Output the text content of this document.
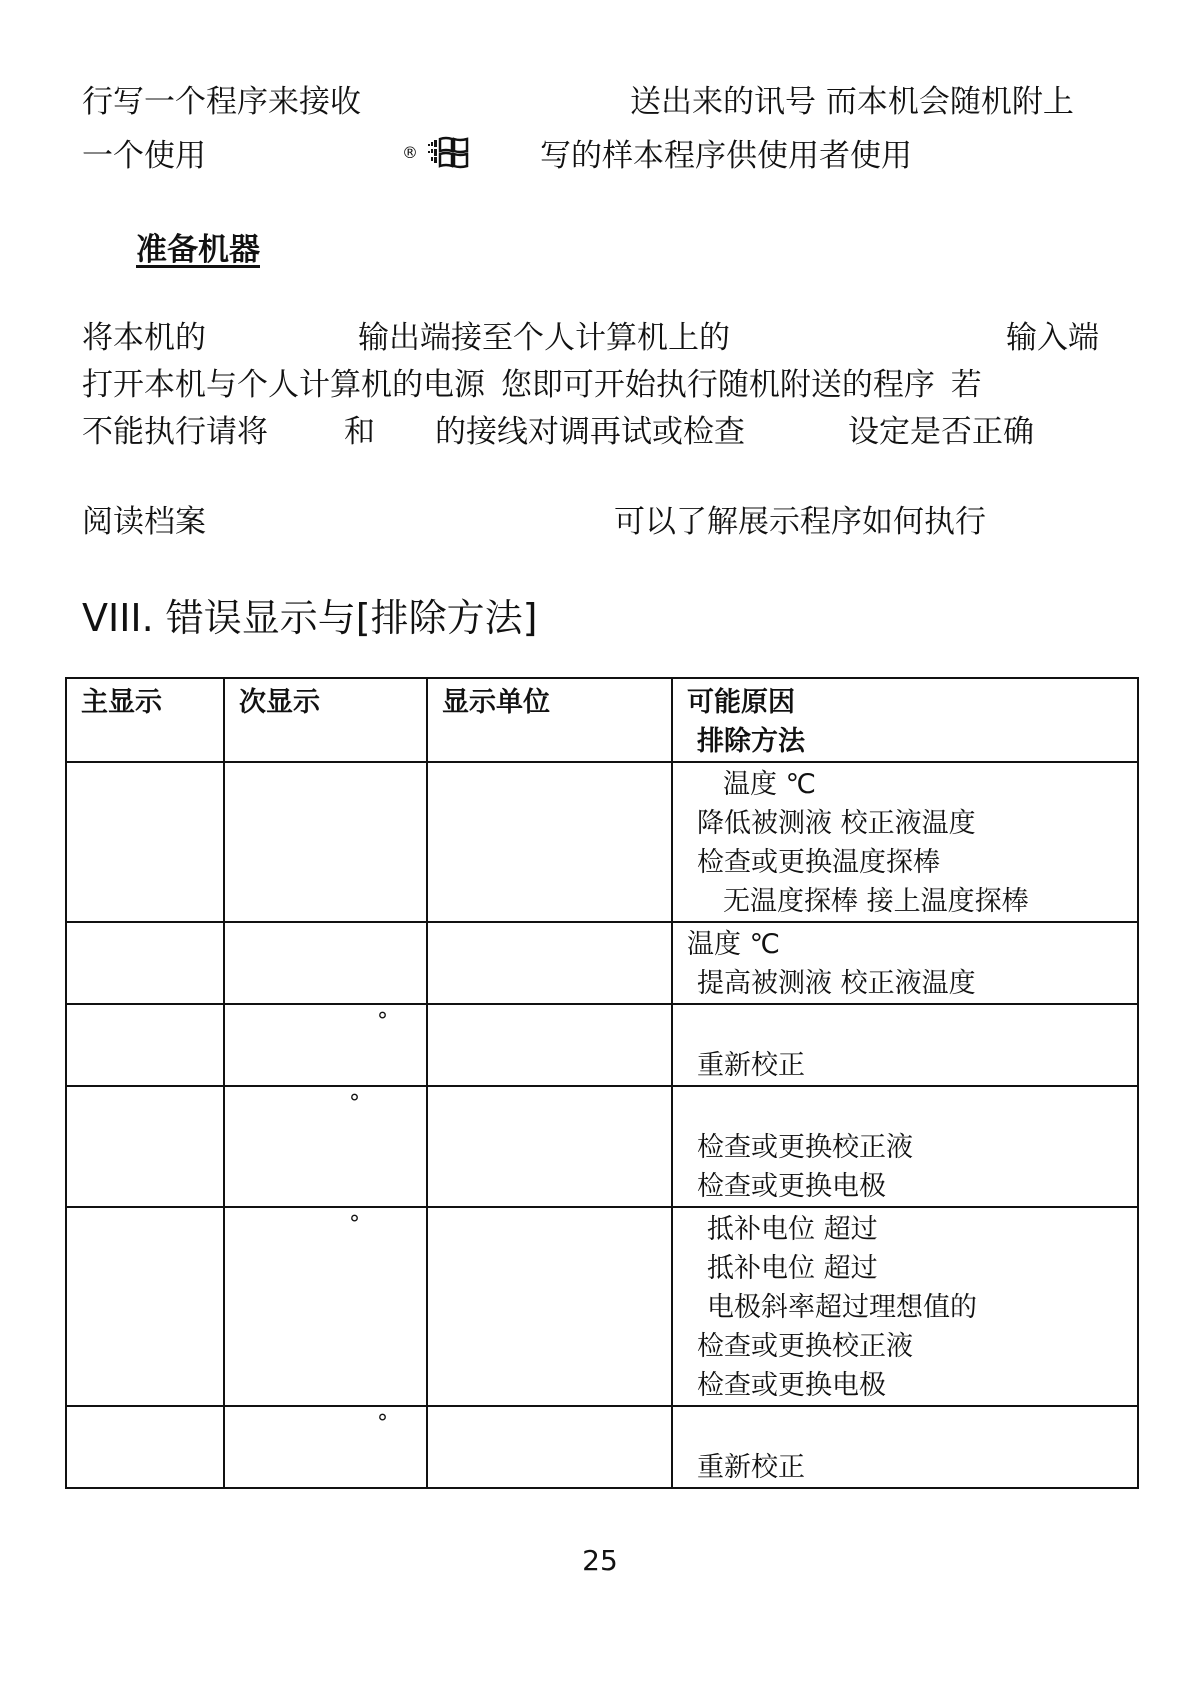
行写一个程序来接收	送出来的讯号 而本机会随机附上
一个使用	®	写的样本程序供使用者使用
准备机器
将本机的	输出端接至个人计算机上的	输入端
打开本机与个人计算机的电源 您即可开始执行随机附送的程序 若
不能执行请将 和 的接线对调再试或检查	设定是否正确
阅读档案	可以了解展示程序如何执行
VIII. 错误显示与[排除方法]
主显示	次显示	显示单位	可能原因
排除方法

			温度 ℃
降低被测液 校正液温度
检查或更换温度探棒
无温度探棒 接上温度探棒

			温度 ℃
提高被测液 校正液温度

	°		重新校正

	°		检查或更换校正液
检查或更换电极

	°		抵补电位 超过
抵补电位 超过
电极斜率超过理想值的
检查或更换校正液
检查或更换电极

	°		重新校正
25
